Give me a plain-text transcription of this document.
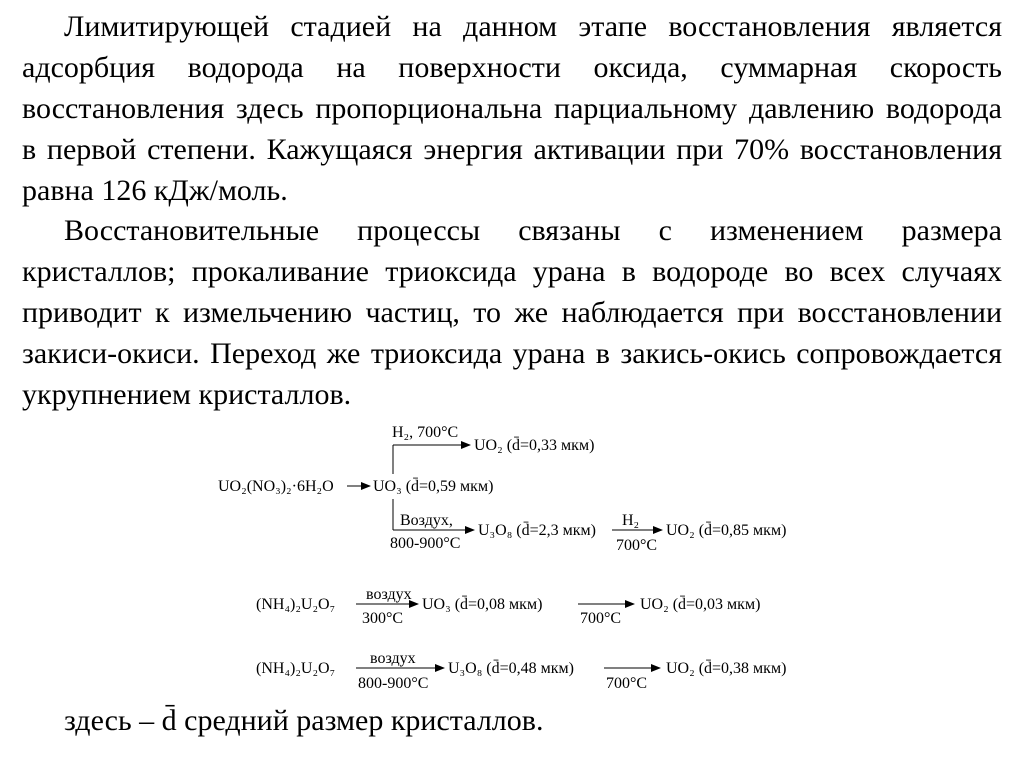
Лимитирующей стадией на данном этапе восстановления является адсорбция водорода на поверхности оксида, суммарная скорость восстановления здесь пропорциональна парциальному давлению водорода в первой степени. Кажущаяся энергия активации при 70% восстановления равна 126 кДж/моль.

Восстановительные процессы связаны с изменением размера кристаллов; прокаливание триоксида урана в водороде во всех случаях приводит к измельчению частиц, то же наблюдается при восстановлении закиси-окиси. Переход же триоксида урана в закись-окись сопровождается укрупнением кристаллов.

UO₂(NO₃)₂·6H₂O UO₃ (d̄=0,59 мкм)
H₂, 700°C
UO₂ (d̄=0,33 мкм)
Воздух,
800-900°C
U₃O₈ (d̄=2,3 мкм)
H₂
700°C
UO₂ (d̄=0,85 мкм)
(NH₄)₂U₂O₇
воздух
300°C
UO₃ (d̄=0,08 мкм)
700°C
UO₂ (d̄=0,03 мкм)
(NH₄)₂U₂O₇
воздух
800-900°C
U₃O₈ (d̄=0,48 мкм)
700°C
UO₂ (d̄=0,38 мкм)

здесь – d̄ средний размер кристаллов.
